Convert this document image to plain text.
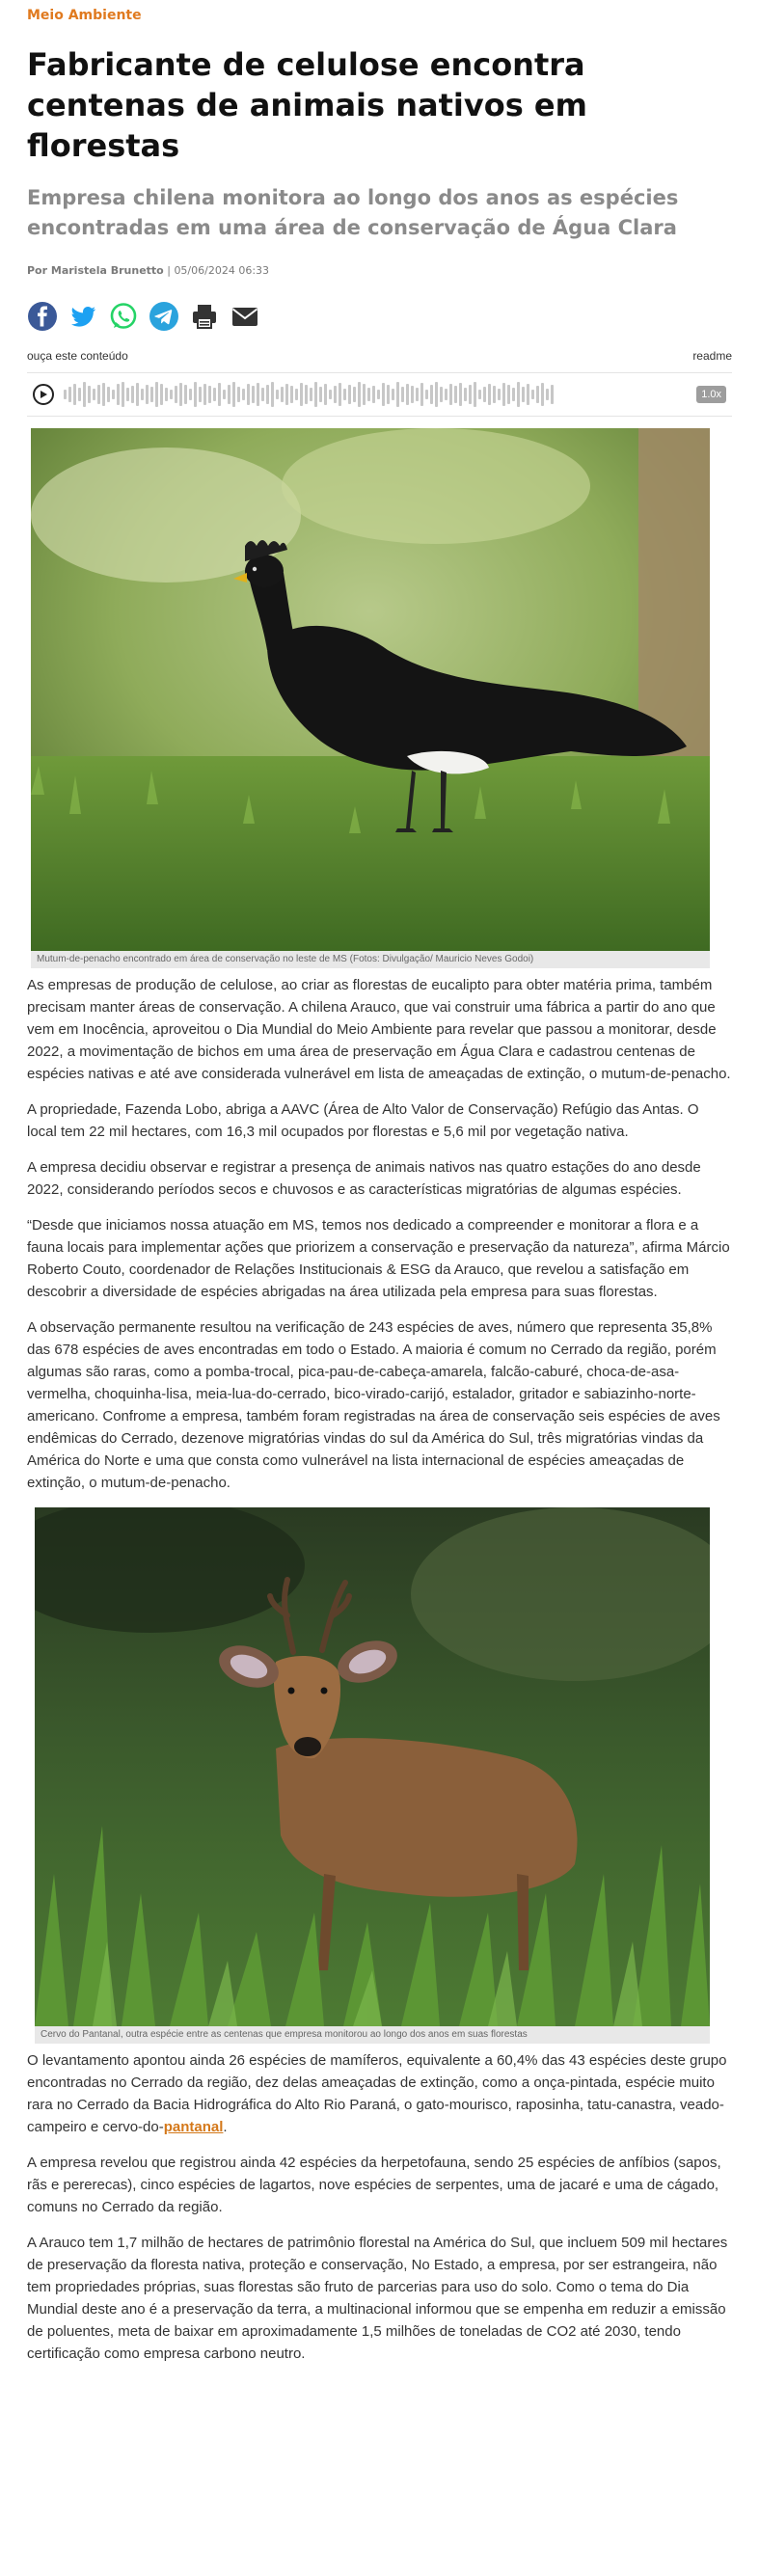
Meio Ambiente
Fabricante de celulose encontra centenas de animais nativos em florestas
Empresa chilena monitora ao longo dos anos as espécies encontradas em uma área de conservação de Água Clara
Por Maristela Brunetto | 05/06/2024 06:33
ouça este conteúdo	readme
1.0x
Mutum-de-penacho encontrado em área de conservação no leste de MS (Fotos: Divulgação/ Mauricio Neves Godoi)

As empresas de produção de celulose, ao criar as florestas de eucalipto para obter matéria prima, também precisam manter áreas de conservação. A chilena Arauco, que vai construir uma fábrica a partir do ano que vem em Inocência, aproveitou o Dia Mundial do Meio Ambiente para revelar que passou a monitorar, desde 2022, a movimentação de bichos em uma área de preservação em Água Clara e cadastrou centenas de espécies nativas e até ave considerada vulnerável em lista de ameaçadas de extinção, o mutum-de-penacho.

A propriedade, Fazenda Lobo, abriga a AAVC (Área de Alto Valor de Conservação) Refúgio das Antas. O local tem 22 mil hectares, com 16,3 mil ocupados por florestas e 5,6 mil por vegetação nativa.

A empresa decidiu observar e registrar a presença de animais nativos nas quatro estações do ano desde 2022, considerando períodos secos e chuvosos e as características migratórias de algumas espécies.

“Desde que iniciamos nossa atuação em MS, temos nos dedicado a compreender e monitorar a flora e a fauna locais para implementar ações que priorizem a conservação e preservação da natureza”, afirma Márcio Roberto Couto, coordenador de Relações Institucionais & ESG da Arauco, que revelou a satisfação em descobrir a diversidade de espécies abrigadas na área utilizada pela empresa para suas florestas.

A observação permanente resultou na verificação de 243 espécies de aves, número que representa 35,8% das 678 espécies de aves encontradas em todo o Estado. A maioria é comum no Cerrado da região, porém algumas são raras, como a pomba-trocal, pica-pau-de-cabeça-amarela, falcão-caburé, choca-de-asa-vermelha, choquinha-lisa, meia-lua-do-cerrado, bico-virado-carijó, estalador, gritador e sabiazinho-norte-americano. Confrome a empresa, também foram registradas na área de conservação seis espécies de aves endêmicas do Cerrado, dezenove migratórias vindas do sul da América do Sul, três migratórias vindas da América do Norte e uma que consta como vulnerável na lista internacional de espécies ameaçadas de extinção, o mutum-de-penacho.

Cervo do Pantanal, outra espécie entre as centenas que empresa monitorou ao longo dos anos em suas florestas

O levantamento apontou ainda 26 espécies de mamíferos, equivalente a 60,4% das 43 espécies deste grupo encontradas no Cerrado da região, dez delas ameaçadas de extinção, como a onça-pintada, espécie muito rara no Cerrado da Bacia Hidrográfica do Alto Rio Paraná, o gato-mourisco, raposinha, tatu-canastra, veado-campeiro e cervo-do-pantanal.

A empresa revelou que registrou ainda 42 espécies da herpetofauna, sendo 25 espécies de anfíbios (sapos, rãs e pererecas), cinco espécies de lagartos, nove espécies de serpentes, uma de jacaré e uma de cágado, comuns no Cerrado da região.

A Arauco tem 1,7 milhão de hectares de patrimônio florestal na América do Sul, que incluem 509 mil hectares de preservação da floresta nativa, proteção e conservação, No Estado, a empresa, por ser estrangeira, não tem propriedades próprias, suas florestas são fruto de parcerias para uso do solo. Como o tema do Dia Mundial deste ano é a preservação da terra, a multinacional informou que se empenha em reduzir a emissão de poluentes, meta de baixar em aproximadamente 1,5 milhões de toneladas de CO2 até 2030, tendo certificação como empresa carbono neutro.
